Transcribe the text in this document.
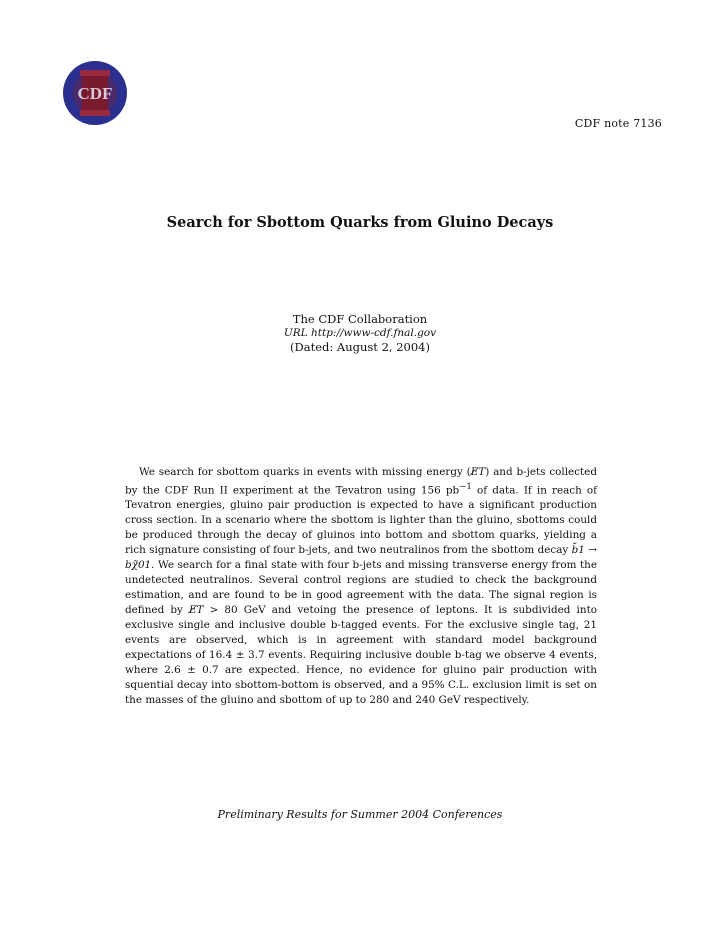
CDF
CDF note 7136
Search for Sbottom Quarks from Gluino Decays
The CDF Collaboration
URL http://www-cdf.fnal.gov
(Dated: August 2, 2004)

We search for sbottom quarks in events with missing energy (E̸T) and b-jets collected by the CDF Run II experiment at the Tevatron using 156 $pb^{-1}$ of data. If in reach of Tevatron energies, gluino pair production is expected to have a significant production cross section. In a scenario where the sbottom is lighter than the gluino, sbottoms could be produced through the decay of gluinos into bottom and sbottom quarks, yielding a rich signature consisting of four b-jets, and two neutralinos from the sbottom decay b̃1 → bχ̃01. We search for a final state with four b-jets and missing transverse energy from the undetected neutralinos. Several control regions are studied to check the background estimation, and are found to be in good agreement with the data. The signal region is defined by E̸T > 80 GeV and vetoing the presence of leptons. It is subdivided into exclusive single and inclusive double b-tagged events. For the exclusive single tag, 21 events are observed, which is in agreement with standard model background expectations of 16.4 ± 3.7 events. Requiring inclusive double b-tag we observe 4 events, where 2.6 ± 0.7 are expected. Hence, no evidence for gluino pair production with squential decay into sbottom-bottom is observed, and a 95% C.L. exclusion limit is set on the masses of the gluino and sbottom of up to 280 and 240 GeV respectively.

Preliminary Results for Summer 2004 Conferences
